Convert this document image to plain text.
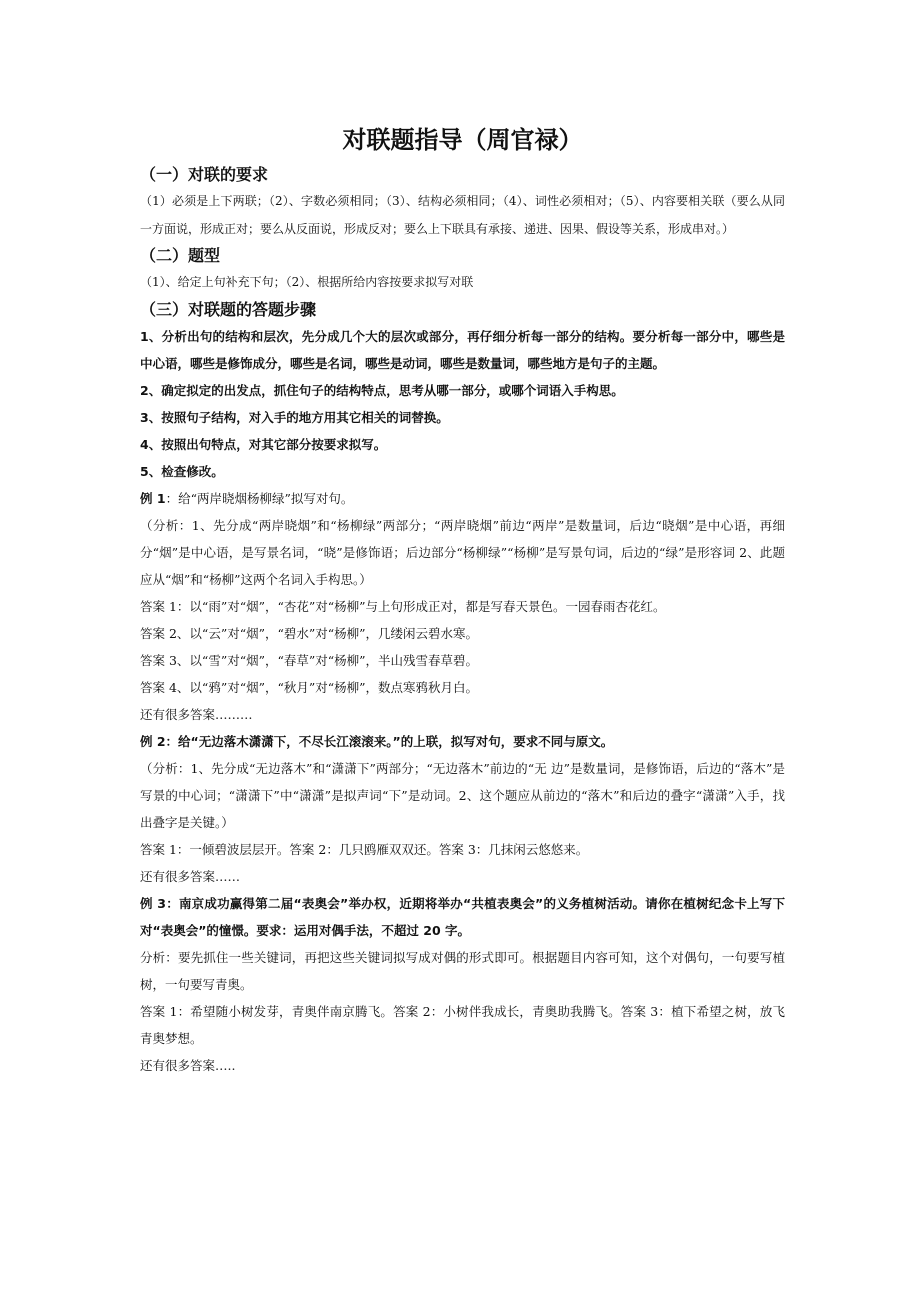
对联题指导（周官禄）
（一）对联的要求

（1）必须是上下两联；（2）、字数必须相同；（3）、结构必须相同；（4）、词性必须相对；（5）、内容要相关联（要么从同一方面说，形成正对；要么从反面说，形成反对；要么上下联具有承接、递进、因果、假设等关系，形成串对。）

（二）题型

（1）、给定上句补充下句；（2）、根据所给内容按要求拟写对联

（三）对联题的答题步骤

1、分析出句的结构和层次，先分成几个大的层次或部分，再仔细分析每一部分的结构。要分析每一部分中，哪些是中心语，哪些是修饰成分，哪些是名词，哪些是动词，哪些是数量词，哪些地方是句子的主题。

2、确定拟定的出发点，抓住句子的结构特点，思考从哪一部分，或哪个词语入手构思。

3、按照句子结构，对入手的地方用其它相关的词替换。

4、按照出句特点，对其它部分按要求拟写。

5、检查修改。

例 1：给“两岸晓烟杨柳绿”拟写对句。

（分析：1、先分成“两岸晓烟”和“杨柳绿”两部分；“两岸晓烟”前边“两岸”是数量词，后边“晓烟”是中心语，再细分“烟”是中心语，是写景名词，“晓”是修饰语；后边部分“杨柳绿”“杨柳”是写景句词，后边的“绿”是形容词 2、此题应从“烟”和“杨柳”这两个名词入手构思。）

答案 1：以“雨”对“烟”，“杏花”对“杨柳”与上句形成正对，都是写春天景色。一园春雨杏花红。

答案 2、以“云”对“烟”，“碧水”对“杨柳”，几缕闲云碧水寒。

答案 3、以“雪”对“烟”，“春草”对“杨柳”，半山残雪春草碧。

答案 4、以“鸦”对“烟”，“秋月”对“杨柳”，数点寒鸦秋月白。

还有很多答案………

例 2：给“无边落木潇潇下，不尽长江滚滚来。”的上联，拟写对句，要求不同与原文。

（分析：1、先分成“无边落木”和“潇潇下”两部分；“无边落木”前边的“无 边”是数量词，是修饰语，后边的“落木”是写景的中心词；“潇潇下”中“潇潇”是拟声词“下”是动词。2、这个题应从前边的“落木”和后边的叠字“潇潇”入手，找出叠字是关键。）

答案 1：一倾碧波层层开。答案 2：几只鸥雁双双还。答案 3：几抹闲云悠悠来。

还有很多答案……

例 3：南京成功赢得第二届“表奥会”举办权，近期将举办“共植表奥会”的义务植树活动。请你在植树纪念卡上写下对“表奥会”的憧憬。要求：运用对偶手法，不超过 20 字。

分析：要先抓住一些关键词，再把这些关键词拟写成对偶的形式即可。根据题目内容可知，这个对偶句，一句要写植树，一句要写青奥。

答案 1：希望随小树发芽，青奥伴南京腾飞。答案 2：小树伴我成长，青奥助我腾飞。答案 3：植下希望之树，放飞青奥梦想。

还有很多答案…..
